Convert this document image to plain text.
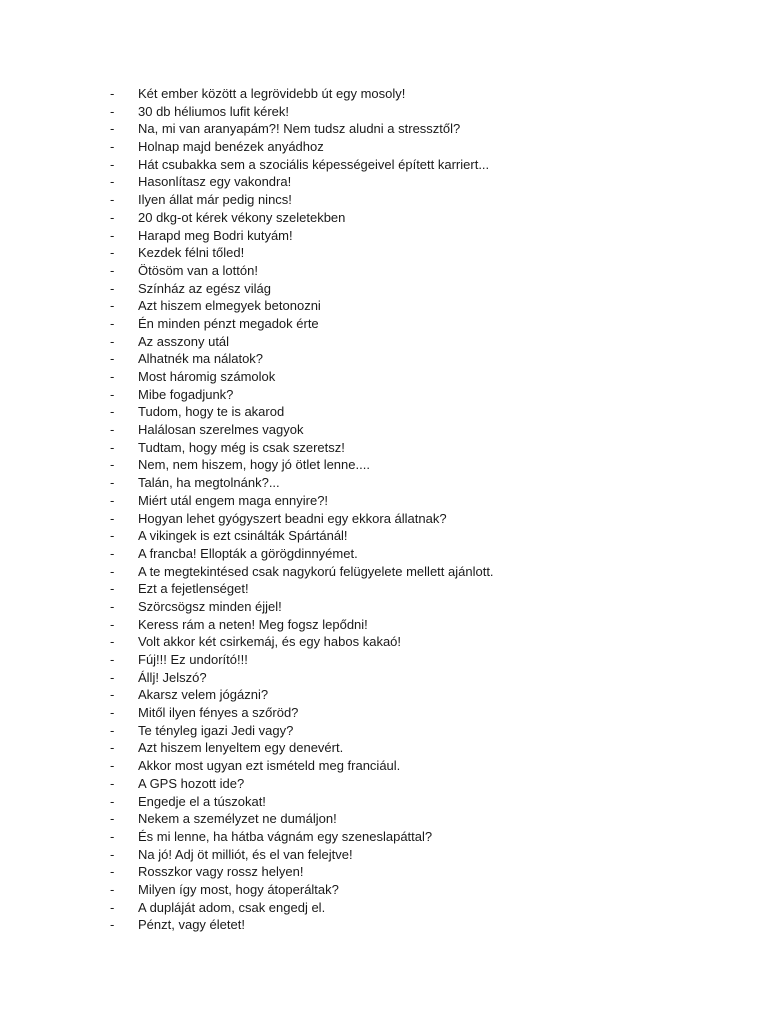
-	Két ember között a legrövidebb út egy mosoly!
-	30 db héliumos lufit kérek!
-	Na, mi van aranyapám?! Nem tudsz aludni a stressztől?
-	Holnap majd benézek anyádhoz
-	Hát csubakka sem a szociális képességeivel épített karriert...
-	Hasonlítasz egy vakondra!
-	Ilyen állat már pedig nincs!
-	20 dkg-ot kérek vékony szeletekben
-	Harapd meg Bodri kutyám!
-	Kezdek félni tőled!
-	Ötösöm van a lottón!
-	Színház az egész világ
-	Azt hiszem elmegyek betonozni
-	Én minden pénzt megadok érte
-	Az asszony utál
-	Alhatnék ma nálatok?
-	Most háromig számolok
-	Mibe fogadjunk?
-	Tudom, hogy te is akarod
-	Halálosan szerelmes vagyok
-	Tudtam, hogy még is csak szeretsz!
-	Nem, nem hiszem, hogy jó ötlet lenne....
-	Talán, ha megtolnánk?...
-	Miért utál engem maga ennyire?!
-	Hogyan lehet gyógyszert beadni egy ekkora állatnak?
-	A vikingek is ezt csinálták Spártánál!
-	A francba! Ellopták a görögdinnyémet.
-	A te megtekintésed csak nagykorú felügyelete mellett ajánlott.
-	Ezt a fejetlenséget!
-	Szörcsögsz minden éjjel!
-	Keress rám a neten! Meg fogsz lepődni!
-	Volt akkor két csirkemáj, és egy habos kakaó!
-	Fúj!!! Ez undorító!!!
-	Állj! Jelszó?
-	Akarsz velem jógázni?
-	Mitől ilyen fényes a szőröd?
-	Te tényleg igazi Jedi vagy?
-	Azt hiszem lenyeltem egy denevért.
-	Akkor most ugyan ezt ismételd meg franciául.
-	A GPS hozott ide?
-	Engedje el a túszokat!
-	Nekem a személyzet ne dumáljon!
-	És mi lenne, ha hátba vágnám egy szeneslapáttal?
-	Na jó! Adj öt milliót, és el van felejtve!
-	Rosszkor vagy rossz helyen!
-	Milyen így most, hogy átoperáltak?
-	A dupláját adom, csak engedj el.
-	Pénzt, vagy életet!
